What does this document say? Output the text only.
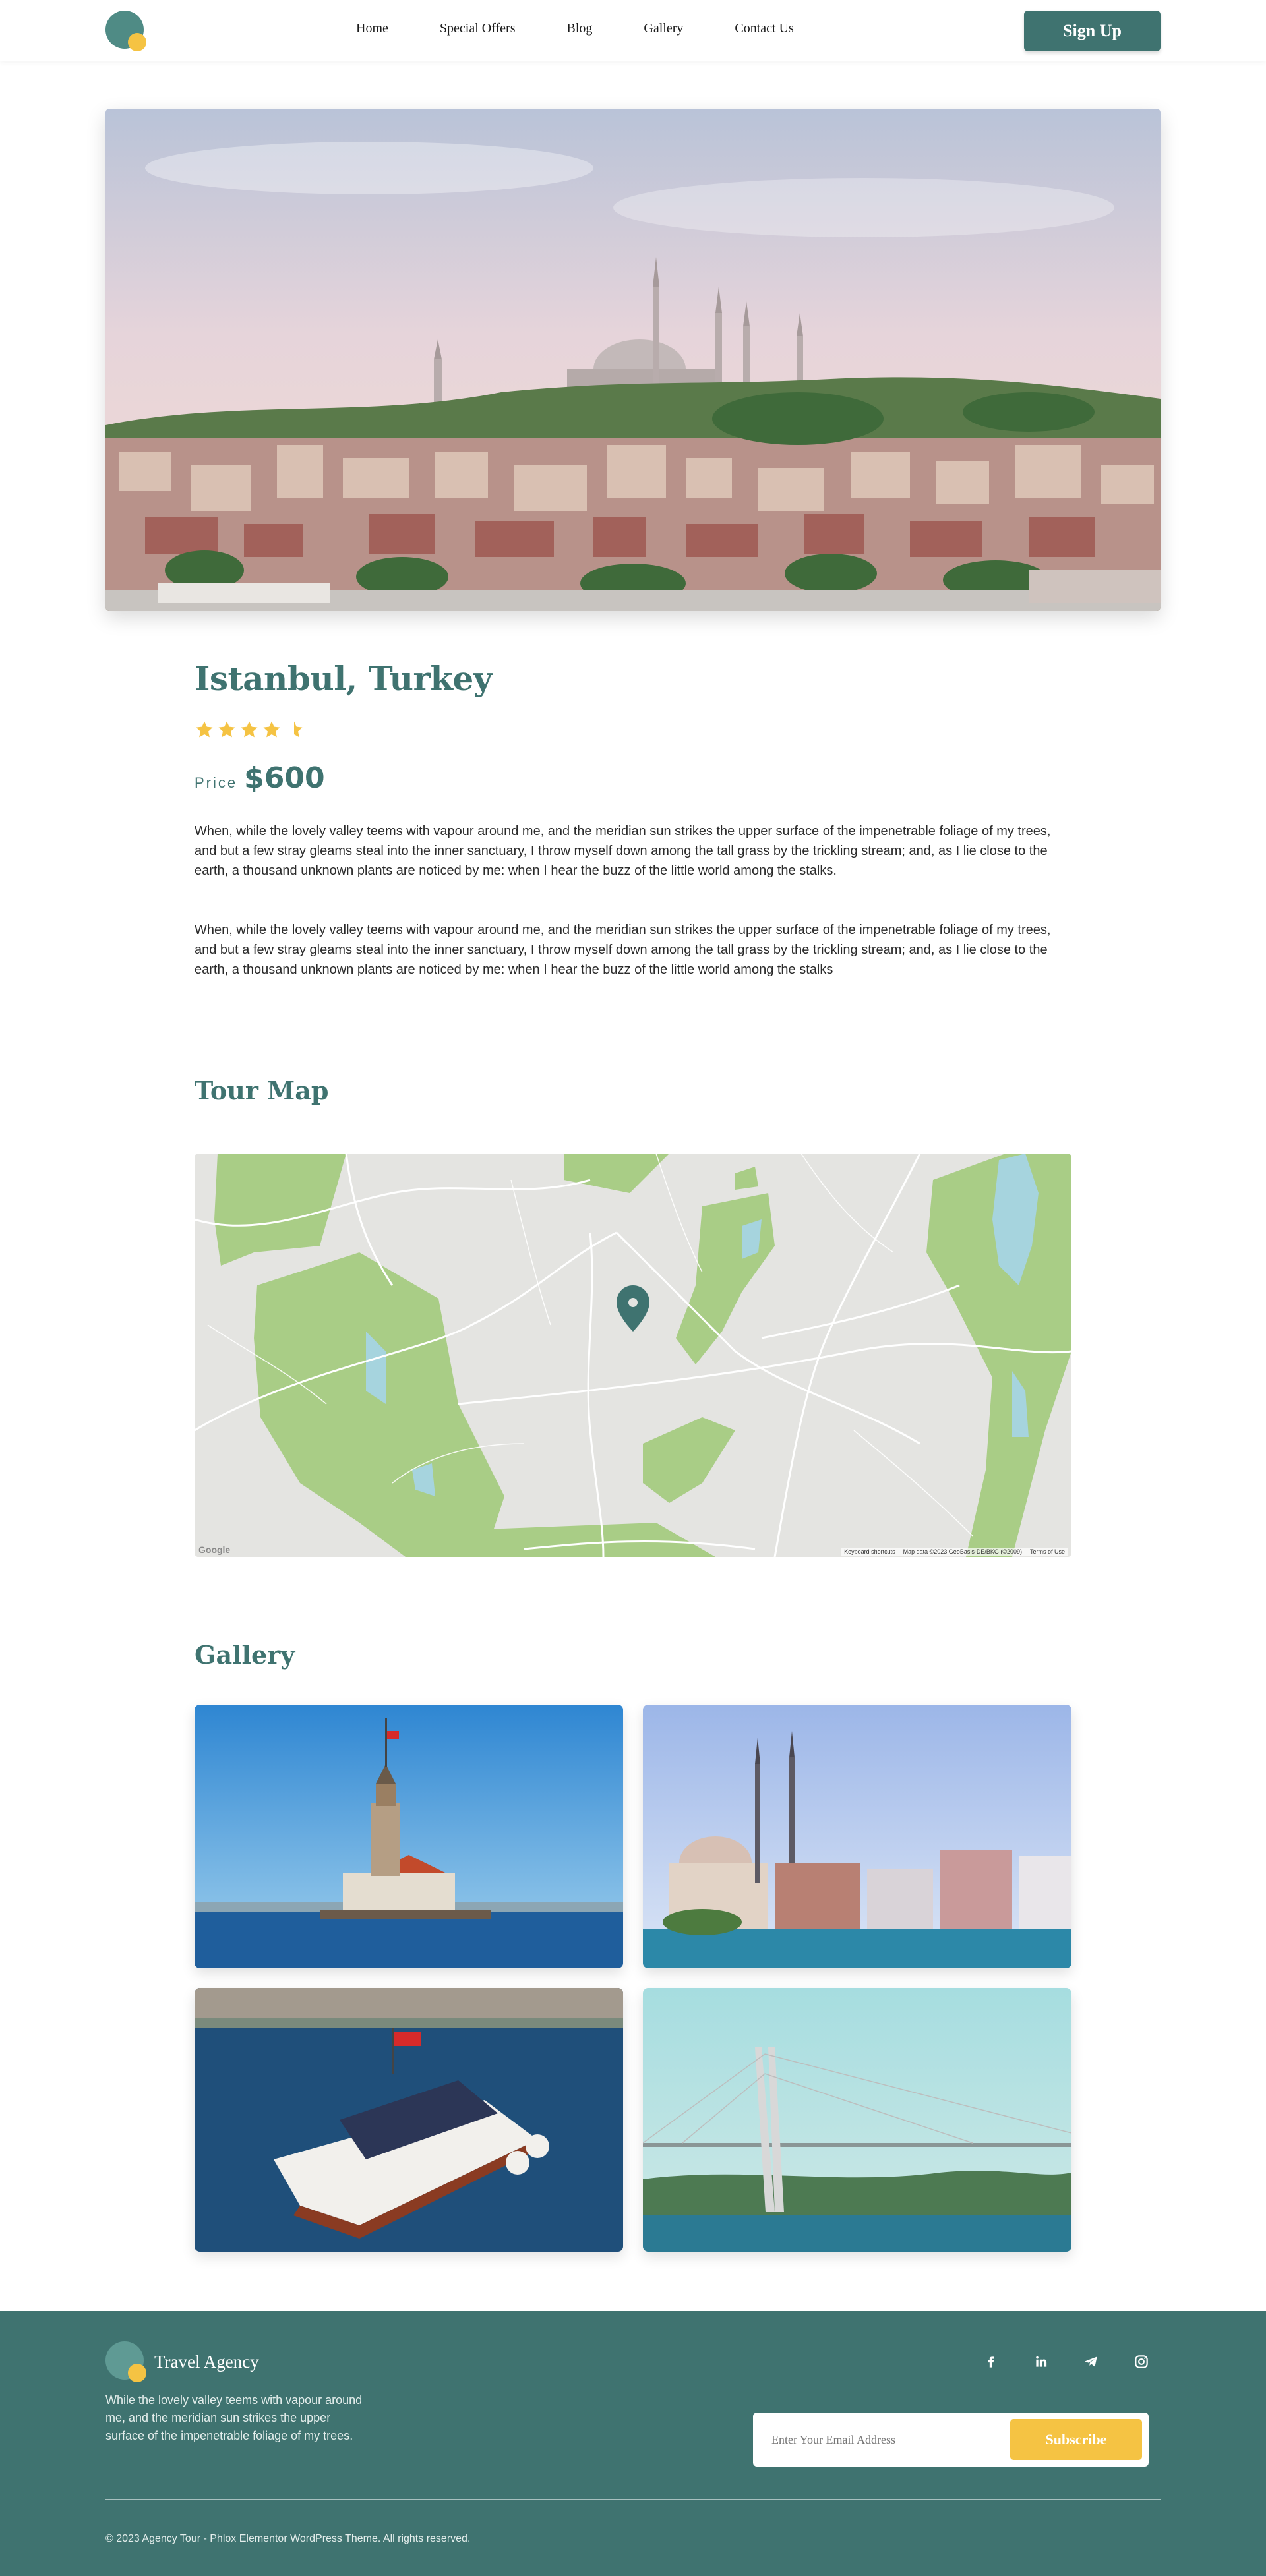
Home	Special Offers	Blog	Gallery	Contact Us	Sign Up
Istanbul, Turkey
Price $600

When, while the lovely valley teems with vapour around me, and the meridian sun strikes the upper surface of the impenetrable foliage of my trees, and but a few stray gleams steal into the inner sanctuary, I throw myself down among the tall grass by the trickling stream; and, as I lie close to the earth, a thousand unknown plants are noticed by me: when I hear the buzz of the little world among the stalks.

When, while the lovely valley teems with vapour around me, and the meridian sun strikes the upper surface of the impenetrable foliage of my trees, and but a few stray gleams steal into the inner sanctuary, I throw myself down among the tall grass by the trickling stream; and, as I lie close to the earth, a thousand unknown plants are noticed by me: when I hear the buzz of the little world among the stalks

Tour Map
Google	Keyboard shortcuts Map data ©2023 GeoBasis-DE/BKG (©2009) Terms of Use
Gallery
Travel Agency

While the lovely valley teems with vapour around me, and the meridian sun strikes the upper surface of the impenetrable foliage of my trees.

Enter Your Email Address	Subscribe
© 2023 Agency Tour - Phlox Elementor WordPress Theme. All rights reserved.
